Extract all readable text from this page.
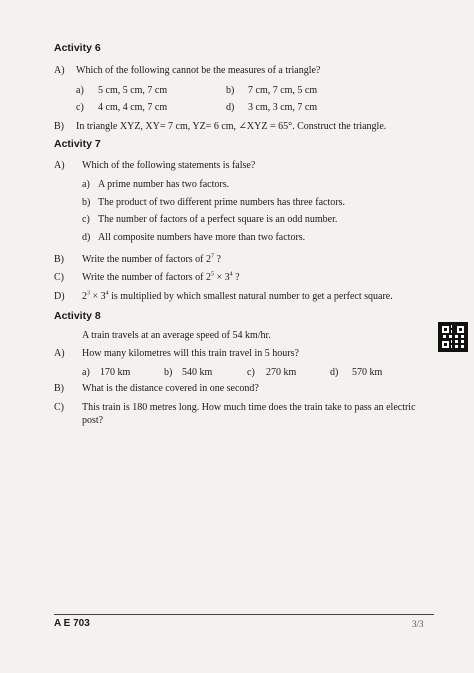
Activity 6
A) Which of the following cannot be the measures of a triangle?
a) 5 cm, 5 cm, 7 cm	b) 7 cm, 7 cm, 5 cm
c) 4 cm, 4 cm, 7 cm	d) 3 cm, 3 cm, 7 cm
B) In triangle XYZ, XY= 7 cm, YZ= 6 cm, ∠XYZ = 65°. Construct the triangle.
Activity 7
A) Which of the following statements is false?
a) A prime number has two factors.
b) The product of two different prime numbers has three factors.
c) The number of factors of a perfect square is an odd number.
d) All composite numbers have more than two factors.
B) Write the number of factors of $2^7$ ?
C) Write the number of factors of $2^5 \times 3^4$ ?
D) $2^3 \times 3^4$ is multiplied by which smallest natural number to get a perfect square.
Activity 8
A train travels at an average speed of 54 km/hr.
A) How many kilometres will this train travel in 5 hours?
a) 170 km	b) 540 km	c) 270 km	d) 570 km
B) What is the distance covered in one second?
C) This train is 180 metres long. How much time does the train take to pass an electric
post?
A E 703	3/3
